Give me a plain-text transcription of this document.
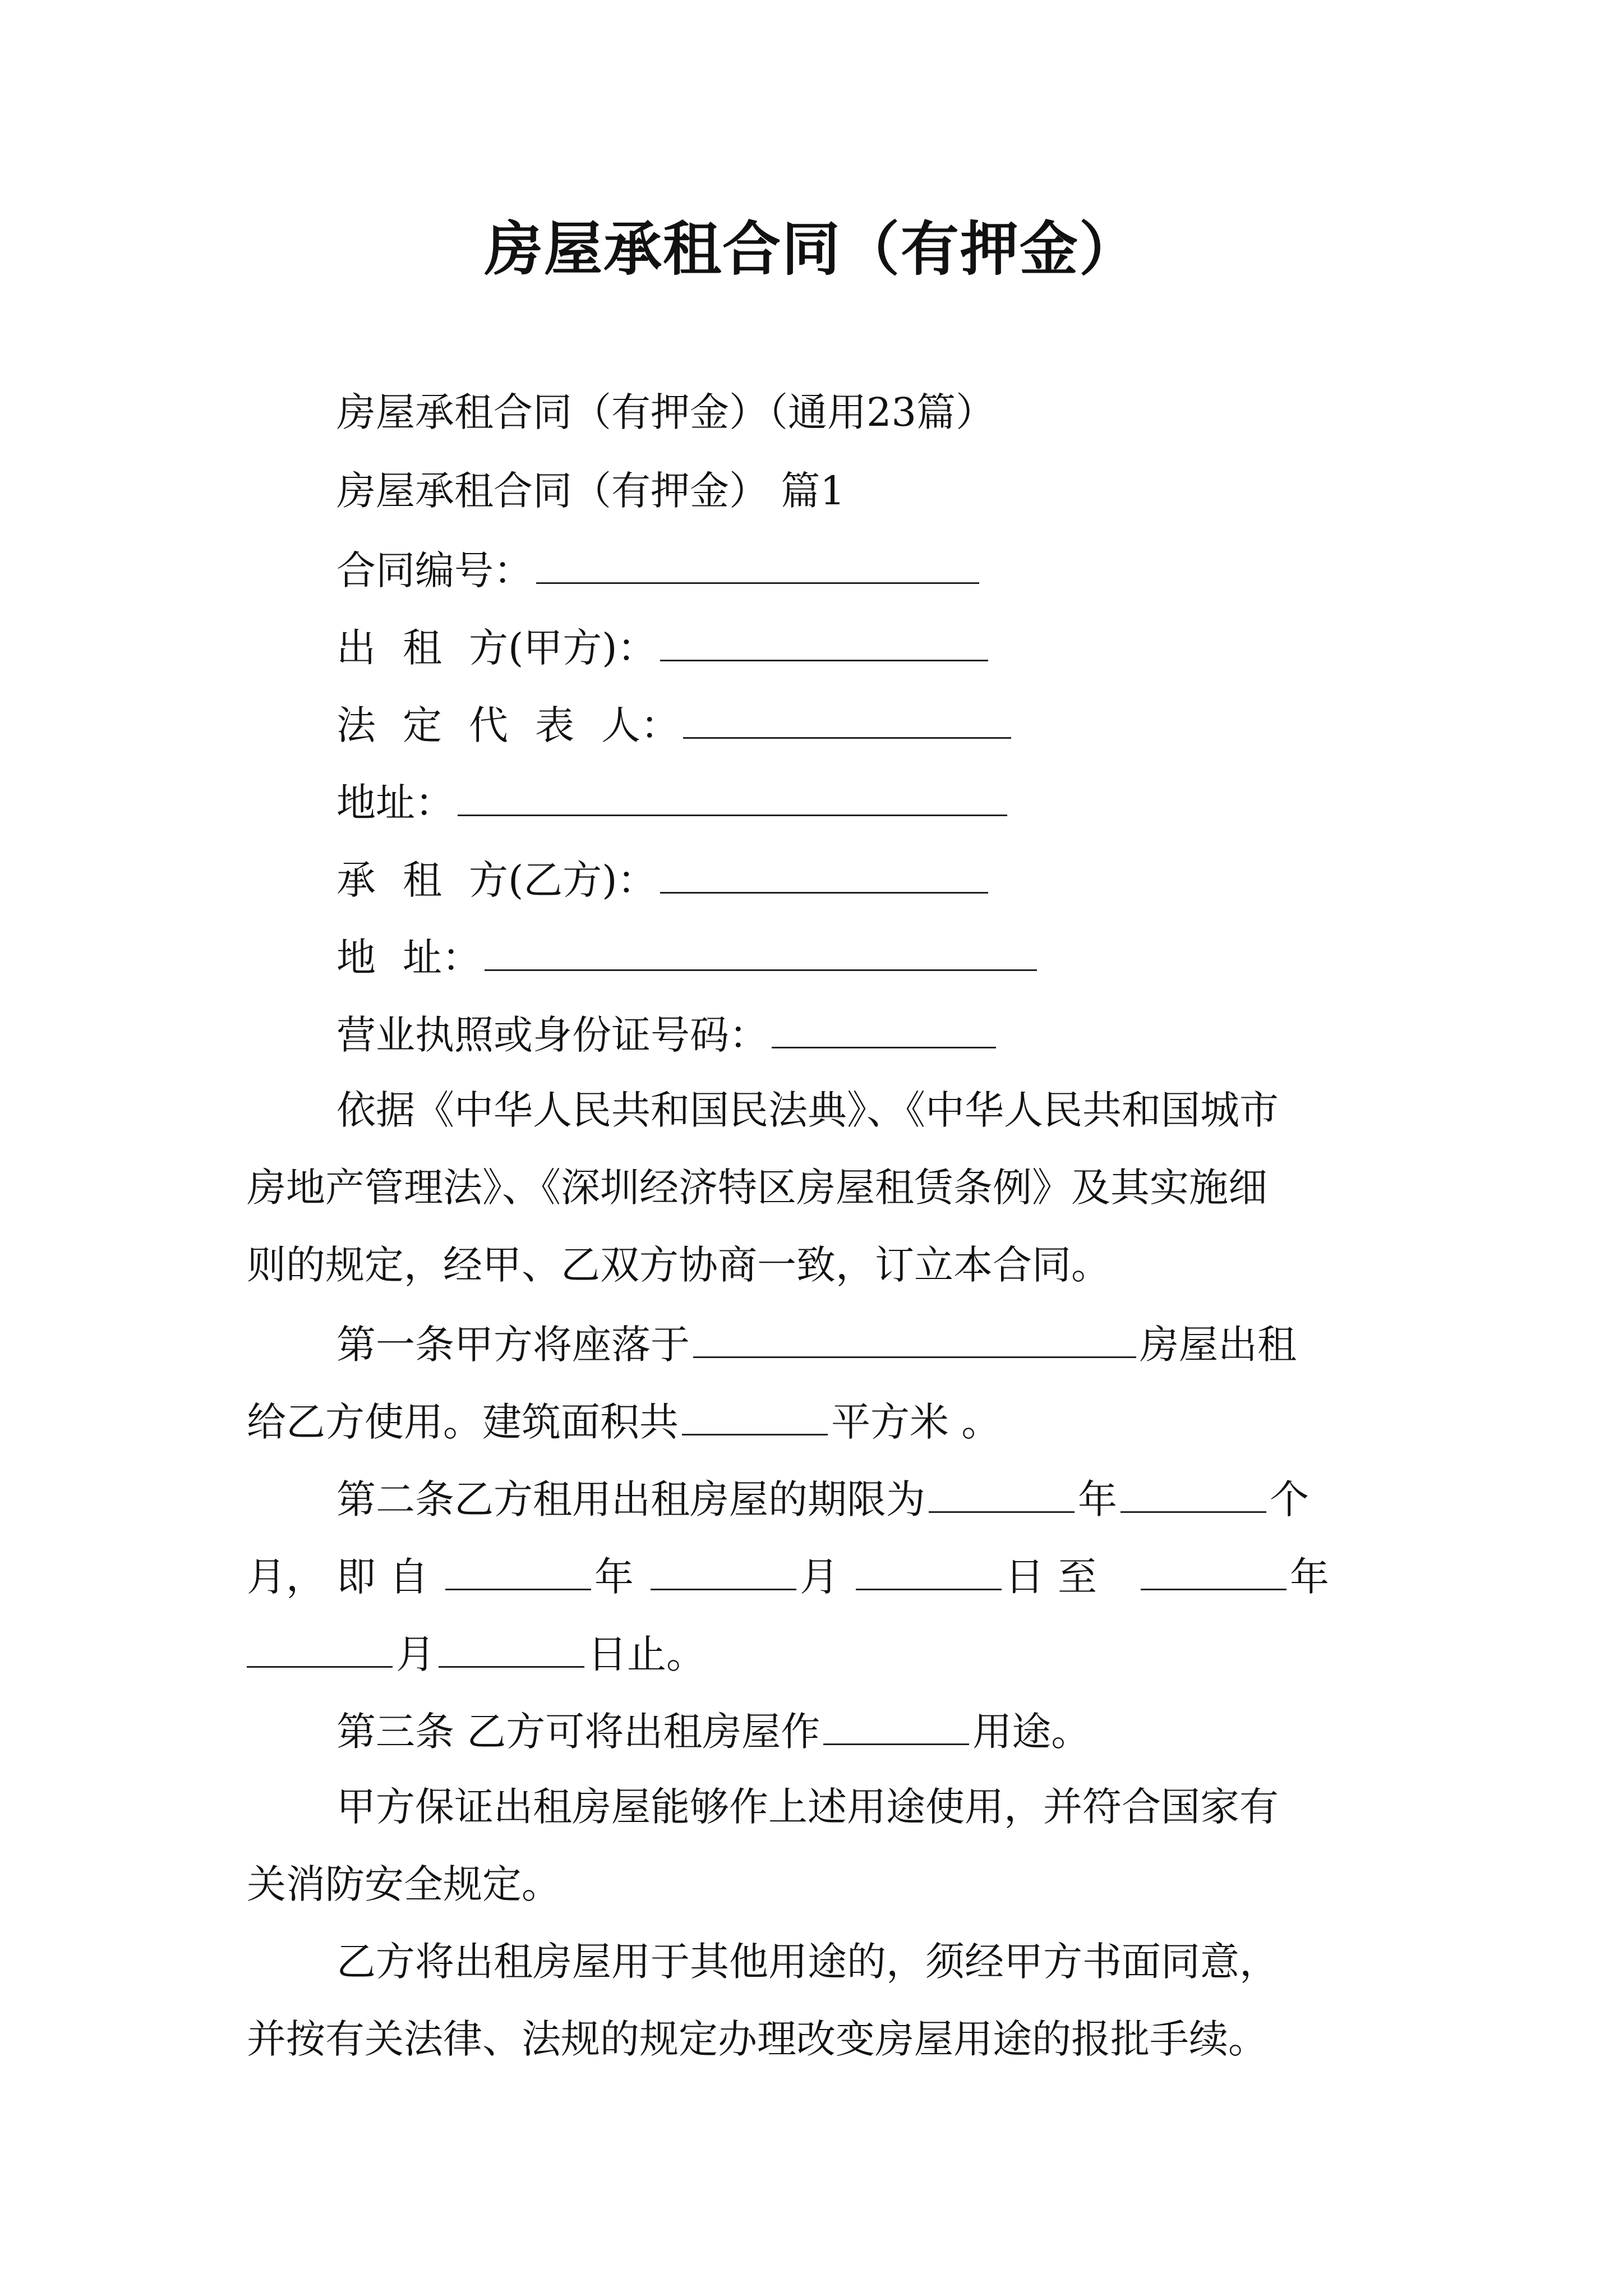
房屋承租合同（有押金）
房屋承租合同（有押金）（通用23篇）
房屋承租合同（有押金） 篇1
合同编号：
出 租 方(甲方)：
法 定 代 表 人：
地址：
承 租 方(乙方)：
地 址：
营业执照或身份证号码：
依据《中华人民共和国民法典》、《中华人民共和国城市
房地产管理法》、《深圳经济特区房屋租赁条例》及其实施细
则的规定，经甲、乙双方协商一致，订立本合同。
第一条甲方将座落于	房屋出租
给乙方使用。建筑面积共	平方米 。
第二条乙方租用出租房屋的期限为	年	个
月， 即自	年	月	日至	年
月	日止。
第三条 乙方可将出租房屋作	用途。
甲方保证出租房屋能够作上述用途使用，并符合国家有
关消防安全规定。
乙方将出租房屋用于其他用途的，须经甲方书面同意，
并按有关法律、法规的规定办理改变房屋用途的报批手续。
